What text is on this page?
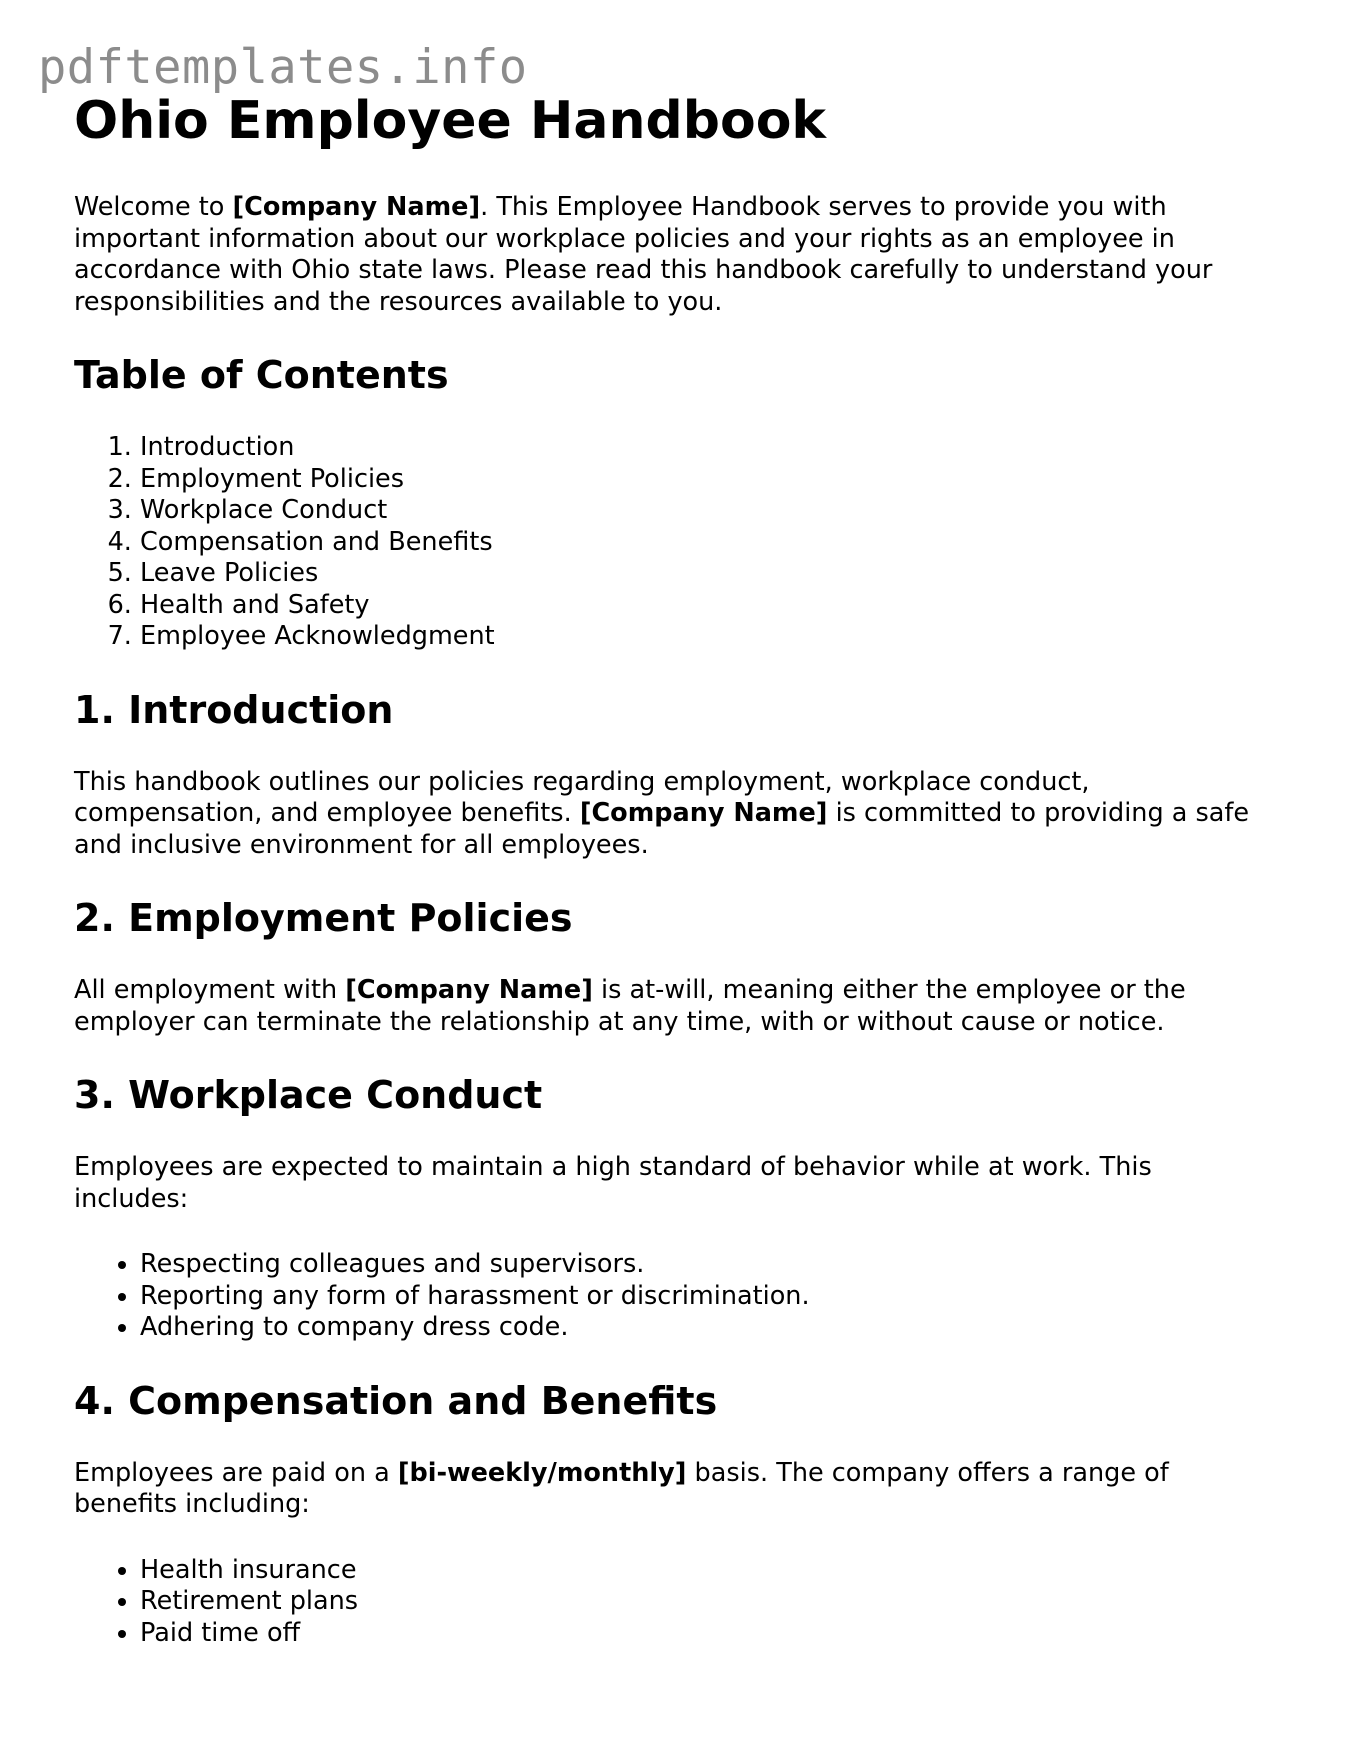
pdftemplates.info
Ohio Employee Handbook

Welcome to [Company Name]. This Employee Handbook serves to provide you with important information about our workplace policies and your rights as an employee in accordance with Ohio state laws. Please read this handbook carefully to understand your responsibilities and the resources available to you.

Table of Contents
1. Introduction
2. Employment Policies
3. Workplace Conduct
4. Compensation and Benefits
5. Leave Policies
6. Health and Safety
7. Employee Acknowledgment
1. Introduction

This handbook outlines our policies regarding employment, workplace conduct, compensation, and employee benefits. [Company Name] is committed to providing a safe and inclusive environment for all employees.

2. Employment Policies

All employment with [Company Name] is at-will, meaning either the employee or the employer can terminate the relationship at any time, with or without cause or notice.

3. Workplace Conduct

Employees are expected to maintain a high standard of behavior while at work. This includes:

• Respecting colleagues and supervisors.
• Reporting any form of harassment or discrimination.
• Adhering to company dress code.
4. Compensation and Benefits

Employees are paid on a [bi-weekly/monthly] basis. The company offers a range of benefits including:

• Health insurance
• Retirement plans
• Paid time off
